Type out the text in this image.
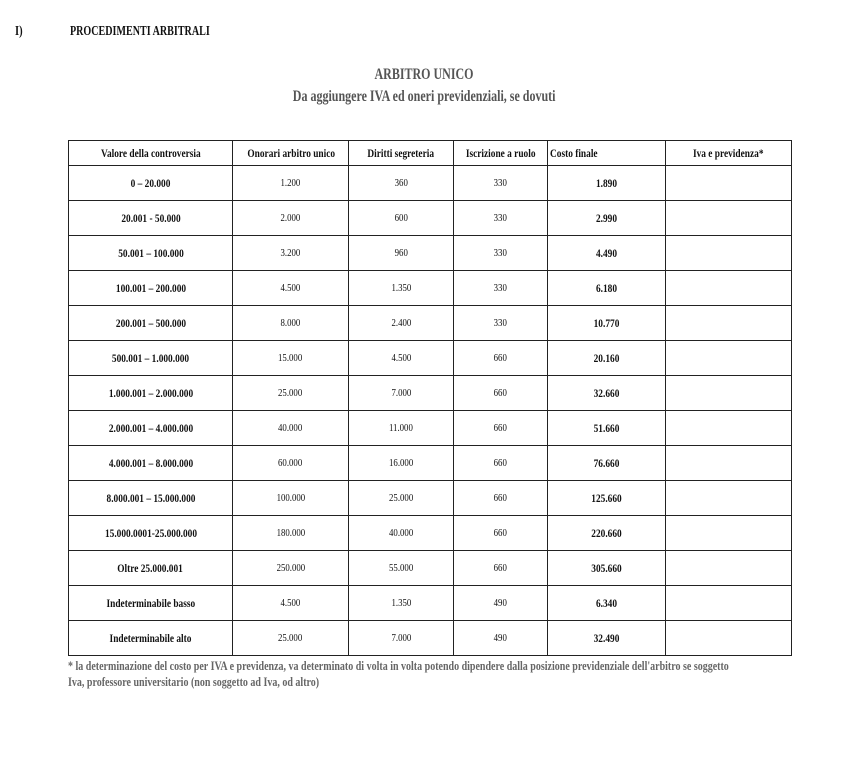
I)	PROCEDIMENTI ARBITRALI
ARBITRO UNICO
Da aggiungere IVA ed oneri previdenziali, se dovuti
Valore della controversia	Onorari arbitro unico	Diritti segreteria	Iscrizione a ruolo	Costo finale	Iva e previdenza*
0 – 20.000	1.200	360	330	1.890	
20.001 - 50.000	2.000	600	330	2.990	
50.001 – 100.000	3.200	960	330	4.490	
100.001 – 200.000	4.500	1.350	330	6.180	
200.001 – 500.000	8.000	2.400	330	10.770	
500.001 – 1.000.000	15.000	4.500	660	20.160	
1.000.001 – 2.000.000	25.000	7.000	660	32.660	
2.000.001 – 4.000.000	40.000	11.000	660	51.660	
4.000.001 – 8.000.000	60.000	16.000	660	76.660	
8.000.001 – 15.000.000	100.000	25.000	660	125.660	
15.000.0001-25.000.000	180.000	40.000	660	220.660	
Oltre 25.000.001	250.000	55.000	660	305.660	
Indeterminabile basso	4.500	1.350	490	6.340	
Indeterminabile alto	25.000	7.000	490	32.490	
* la determinazione del costo per IVA e previdenza, va determinato di volta in volta potendo dipendere dalla posizione previdenziale dell'arbitro se soggetto
Iva, professore universitario (non soggetto ad Iva, od altro)
